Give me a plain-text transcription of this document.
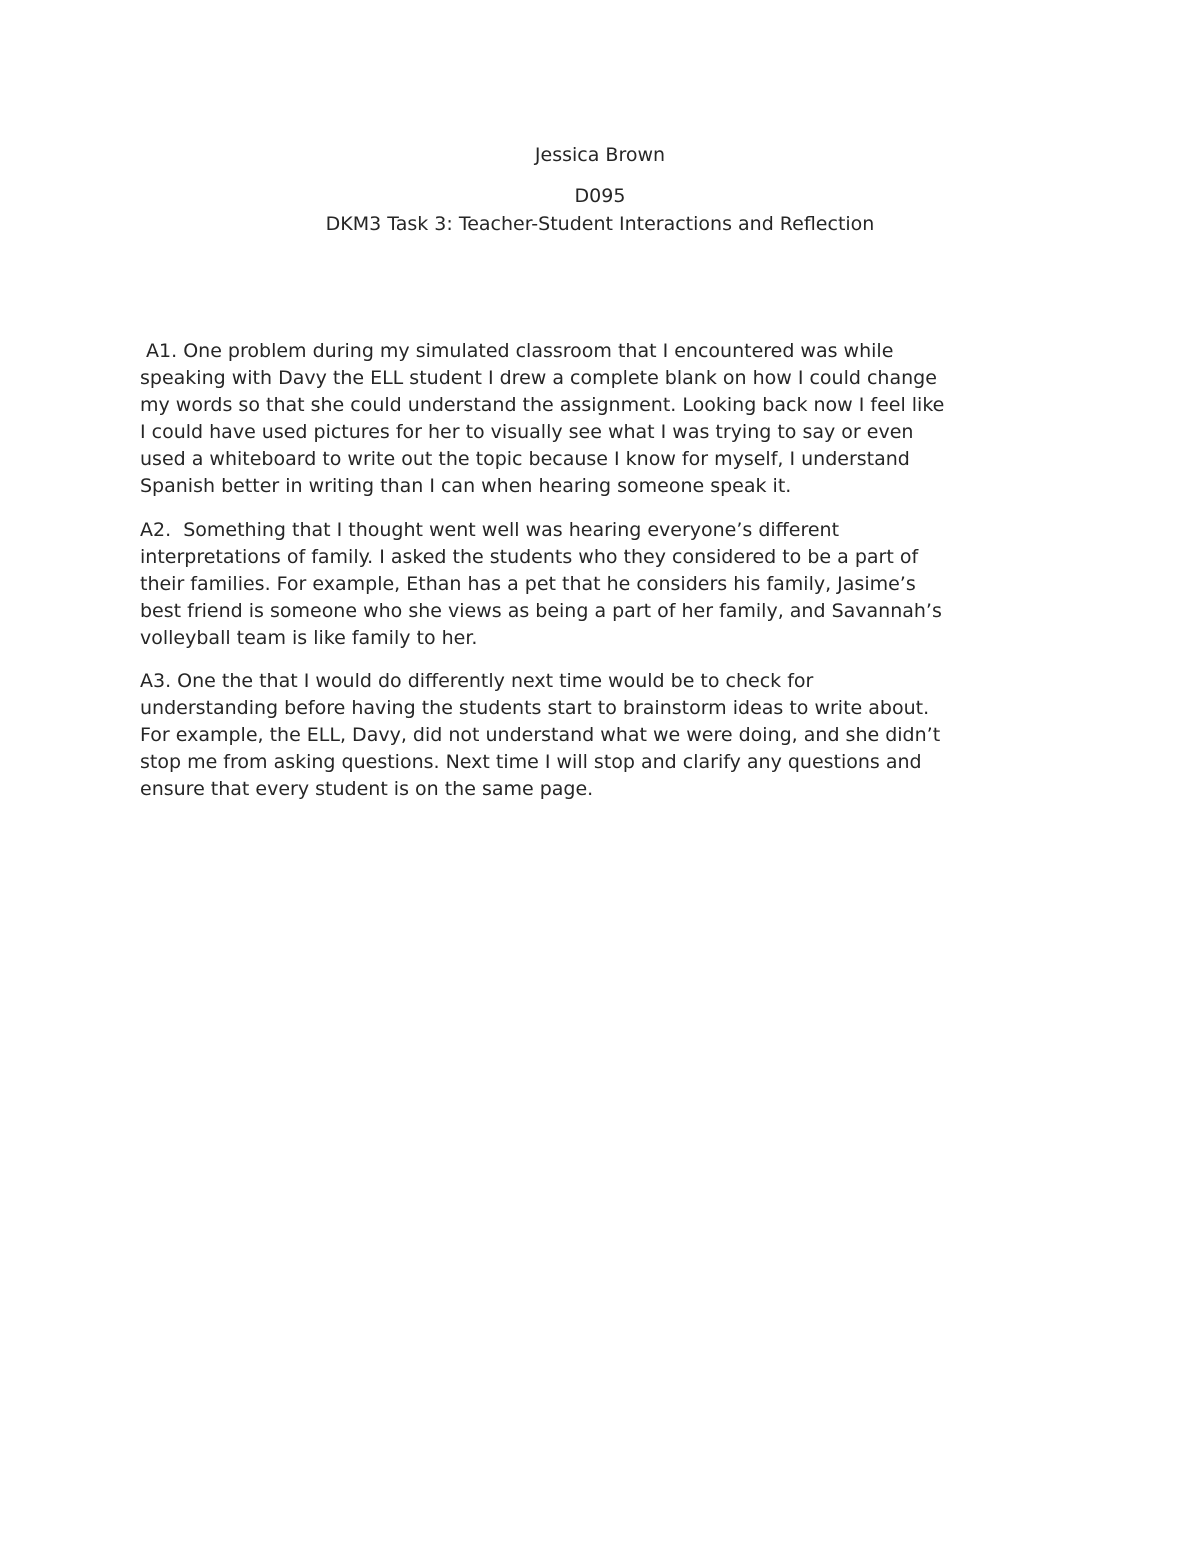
Jessica Brown
D095
DKM3 Task 3: Teacher-Student Interactions and Reflection

A1. One problem during my simulated classroom that I encountered was while
speaking with Davy the ELL student I drew a complete blank on how I could change
my words so that she could understand the assignment. Looking back now I feel like
I could have used pictures for her to visually see what I was trying to say or even
used a whiteboard to write out the topic because I know for myself, I understand
Spanish better in writing than I can when hearing someone speak it.

A2.  Something that I thought went well was hearing everyone’s different
interpretations of family. I asked the students who they considered to be a part of
their families. For example, Ethan has a pet that he considers his family, Jasime’s
best friend is someone who she views as being a part of her family, and Savannah’s
volleyball team is like family to her.

A3. One the that I would do differently next time would be to check for
understanding before having the students start to brainstorm ideas to write about.
For example, the ELL, Davy, did not understand what we were doing, and she didn’t
stop me from asking questions. Next time I will stop and clarify any questions and
ensure that every student is on the same page.
